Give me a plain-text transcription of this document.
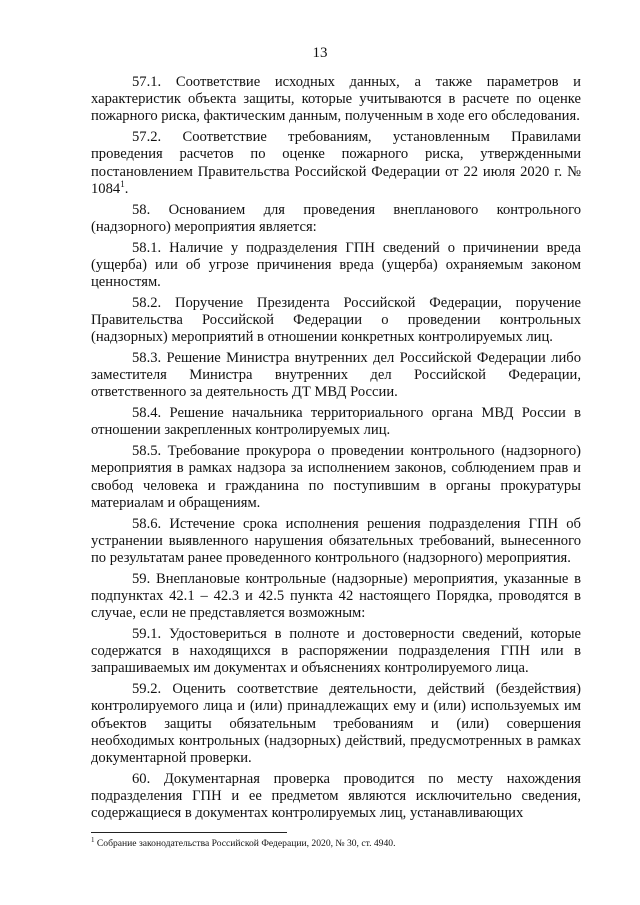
13

57.1. Соответствие исходных данных, а также параметров и характеристик объекта защиты, которые учитываются в расчете по оценке пожарного риска, фактическим данным, полученным в ходе его обследования.

57.2. Соответствие требованиям, установленным Правилами проведения расчетов по оценке пожарного риска, утвержденными постановлением Правительства Российской Федерации от 22 июля 2020 г. № 1084$^1$.

58. Основанием для проведения внепланового контрольного (надзорного) мероприятия является:

58.1. Наличие у подразделения ГПН сведений о причинении вреда (ущерба) или об угрозе причинения вреда (ущерба) охраняемым законом ценностям.

58.2. Поручение Президента Российской Федерации, поручение Правительства Российской Федерации о проведении контрольных (надзорных) мероприятий в отношении конкретных контролируемых лиц.

58.3. Решение Министра внутренних дел Российской Федерации либо заместителя Министра внутренних дел Российской Федерации, ответственного за деятельность ДТ МВД России.

58.4. Решение начальника территориального органа МВД России в отношении закрепленных контролируемых лиц.

58.5. Требование прокурора о проведении контрольного (надзорного) мероприятия в рамках надзора за исполнением законов, соблюдением прав и свобод человека и гражданина по поступившим в органы прокуратуры материалам и обращениям.

58.6. Истечение срока исполнения решения подразделения ГПН об устранении выявленного нарушения обязательных требований, вынесенного по результатам ранее проведенного контрольного (надзорного) мероприятия.

59. Внеплановые контрольные (надзорные) мероприятия, указанные в подпунктах 42.1 – 42.3 и 42.5 пункта 42 настоящего Порядка, проводятся в случае, если не представляется возможным:

59.1. Удостовериться в полноте и достоверности сведений, которые содержатся в находящихся в распоряжении подразделения ГПН или в запрашиваемых им документах и объяснениях контролируемого лица.

59.2. Оценить соответствие деятельности, действий (бездействия) контролируемого лица и (или) принадлежащих ему и (или) используемых им объектов защиты обязательным требованиям и (или) совершения необходимых контрольных (надзорных) действий, предусмотренных в рамках документарной проверки.

60. Документарная проверка проводится по месту нахождения подразделения ГПН и ее предметом являются исключительно сведения, содержащиеся в документах контролируемых лиц, устанавливающих

$^1$ Собрание законодательства Российской Федерации, 2020, № 30, ст. 4940.
